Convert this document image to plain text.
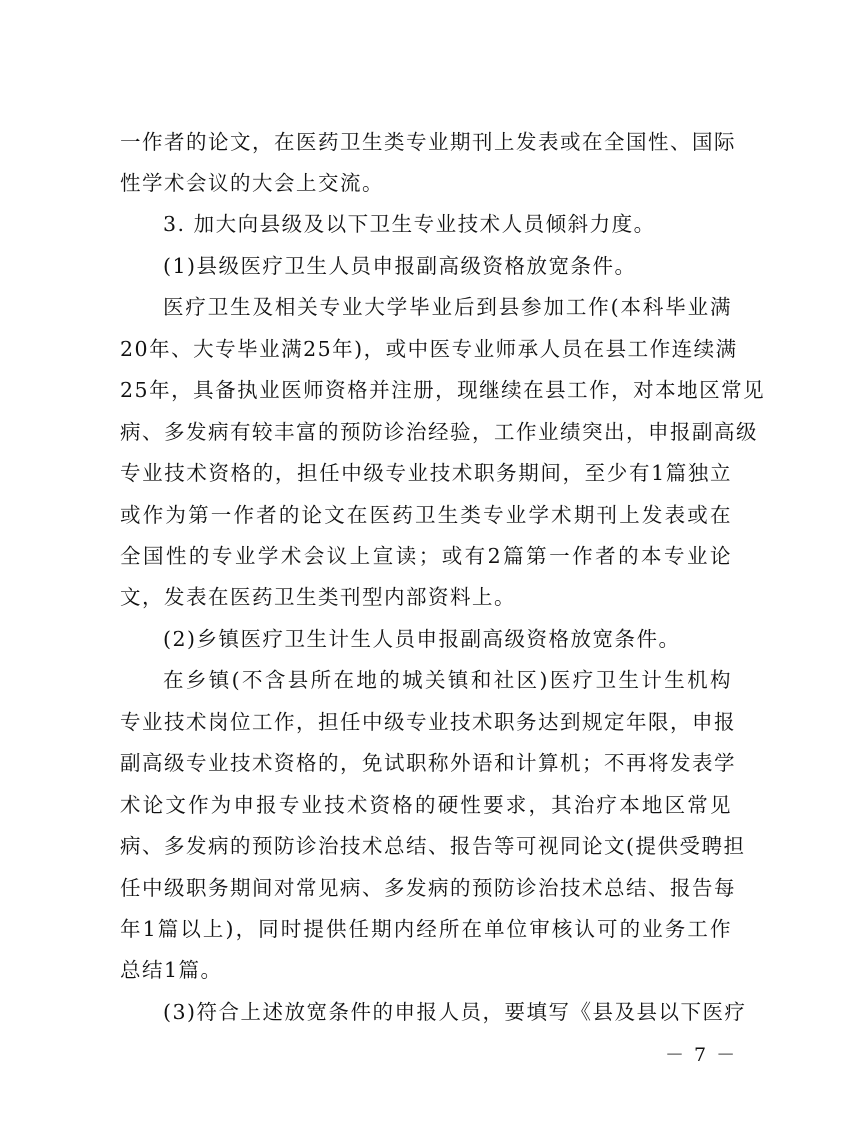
一作者的论文，在医药卫生类专业期刊上发表或在全国性、国际
性学术会议的大会上交流。
3. 加大向县级及以下卫生专业技术人员倾斜力度。
(1)县级医疗卫生人员申报副高级资格放宽条件。
医疗卫生及相关专业大学毕业后到县参加工作(本科毕业满
20年、大专毕业满25年)，或中医专业师承人员在县工作连续满
25年，具备执业医师资格并注册，现继续在县工作，对本地区常见
病、多发病有较丰富的预防诊治经验，工作业绩突出，申报副高级
专业技术资格的，担任中级专业技术职务期间，至少有1篇独立
或作为第一作者的论文在医药卫生类专业学术期刊上发表或在
全国性的专业学术会议上宣读；或有2篇第一作者的本专业论
文，发表在医药卫生类刊型内部资料上。
(2)乡镇医疗卫生计生人员申报副高级资格放宽条件。
在乡镇(不含县所在地的城关镇和社区)医疗卫生计生机构
专业技术岗位工作，担任中级专业技术职务达到规定年限，申报
副高级专业技术资格的，免试职称外语和计算机；不再将发表学
术论文作为申报专业技术资格的硬性要求，其治疗本地区常见
病、多发病的预防诊治技术总结、报告等可视同论文(提供受聘担
任中级职务期间对常见病、多发病的预防诊治技术总结、报告每
年1篇以上)，同时提供任期内经所在单位审核认可的业务工作
总结1篇。
(3)符合上述放宽条件的申报人员，要填写《县及县以下医疗
－ 7 －
